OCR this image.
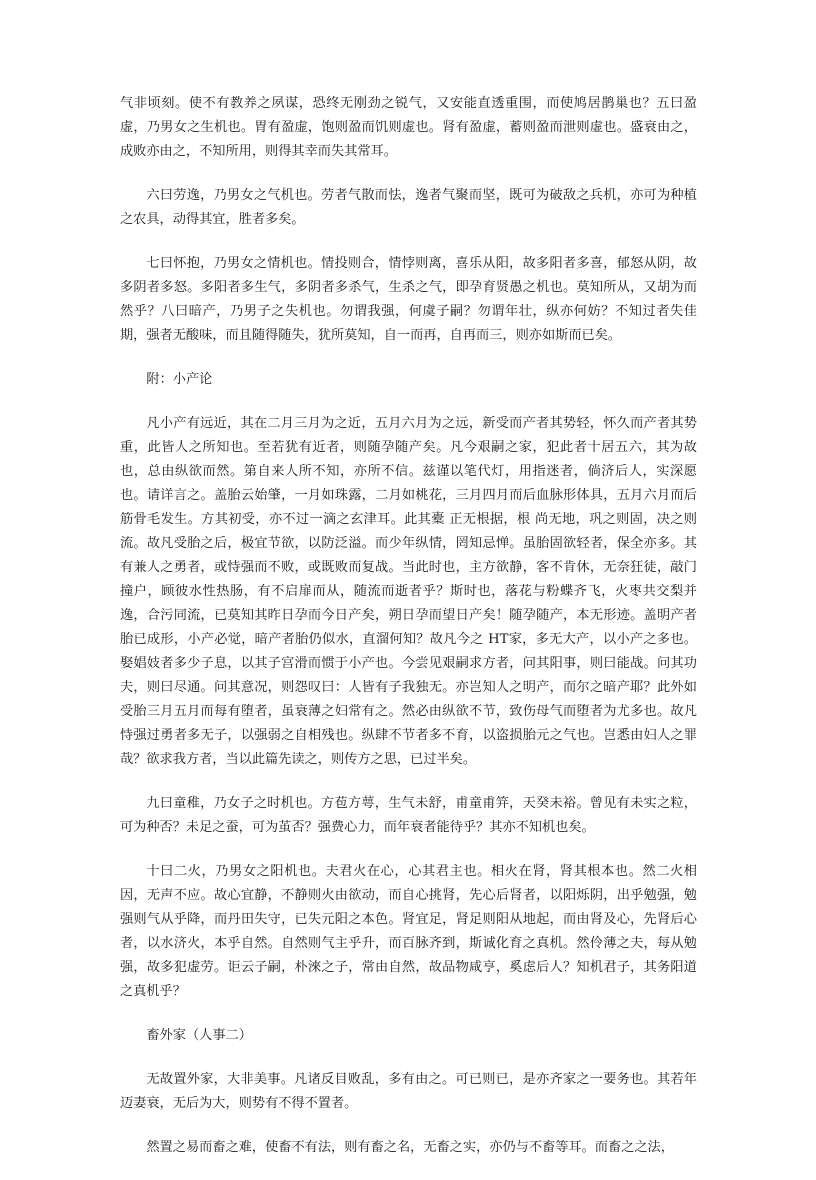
气非顷刻。使不有教养之夙谋，恐终无刚劲之锐气，又安能直透重围，而使鸠居鹊巢也？五曰盈虚，乃男女之生机也。胃有盈虚，饱则盈而饥则虚也。肾有盈虚，蓄则盈而泄则虚也。盛衰由之，成败亦由之，不知所用，则得其幸而失其常耳。

六曰劳逸，乃男女之气机也。劳者气散而怯，逸者气聚而坚，既可为破敌之兵机，亦可为种植之农具，动得其宜，胜者多矣。

七曰怀抱，乃男女之情机也。情投则合，情悖则离，喜乐从阳，故多阳者多喜，郁怒从阴，故多阴者多怒。多阳者多生气，多阴者多杀气，生杀之气，即孕育贤愚之机也。莫知所从，又胡为而然乎？八曰暗产，乃男子之失机也。勿谓我强，何虞子嗣？勿谓年壮，纵亦何妨？不知过者失佳期，强者无酸味，而且随得随失，犹所莫知，自一而再，自再而三，则亦如斯而已矣。

附：小产论

凡小产有远近，其在二月三月为之近，五月六月为之远，新受而产者其势轻，怀久而产者其势重，此皆人之所知也。至若犹有近者，则随孕随产矣。凡今艰嗣之家，犯此者十居五六，其为故也，总由纵欲而然。第自来人所不知，亦所不信。兹谨以笔代灯，用指迷者，倘济后人，实深愿也。请详言之。盖胎云始肇，一月如珠露，二月如桃花，三月四月而后血脉形体具，五月六月而后筋骨毛发生。方其初受，亦不过一滴之玄津耳。此其橐 正无根据，根 尚无地，巩之则固，决之则流。故凡受胎之后，极宜节欲，以防泛溢。而少年纵情，罔知忌惮。虽胎固欲轻者，保全亦多。其有兼人之勇者，或恃强而不败，或既败而复战。当此时也，主方欲静，客不肯休，无奈狂徒，敲门撞户，顾彼水性热肠，有不启扉而从，随流而逝者乎？斯时也，落花与粉蝶齐飞，火枣共交梨并逸，合污同流，已莫知其昨日孕而今日产矣，朔日孕而望日产矣！随孕随产，本无形迹。盖明产者胎已成形，小产必觉，暗产者胎仍似水，直溜何知？故凡今之 HT家，多无大产，以小产之多也。娶娼妓者多少子息，以其子宫滑而惯于小产也。今尝见艰嗣求方者，问其阳事，则曰能战。问其功夫，则曰尽通。问其意况，则怨叹曰：人皆有子我独无。亦岂知人之明产，而尔之暗产耶？此外如受胎三月五月而每有堕者，虽衰薄之妇常有之。然必由纵欲不节，致伤母气而堕者为尤多也。故凡恃强过勇者多无子，以强弱之自相残也。纵肆不节者多不育，以盗损胎元之气也。岂悉由妇人之罪哉？欲求我方者，当以此篇先读之，则传方之思，已过半矣。

九曰童稚，乃女子之时机也。方苞方萼，生气未舒，甫童甫笄，天癸未裕。曾见有未实之粒，可为种否？未足之蚕，可为茧否？强费心力，而年衰者能待乎？其亦不知机也矣。

十曰二火，乃男女之阳机也。夫君火在心，心其君主也。相火在肾，肾其根本也。然二火相因，无声不应。故心宜静，不静则火由欲动，而自心挑肾，先心后肾者，以阳烁阴，出乎勉强，勉强则气从乎降，而丹田失守，已失元阳之本色。肾宜足，肾足则阳从地起，而由肾及心，先肾后心者，以水济火，本乎自然。自然则气主乎升，而百脉齐到，斯诚化育之真机。然伶薄之夫，每从勉强，故多犯虚劳。讵云子嗣，朴淶之子，常由自然，故品物咸亨，奚虑后人？知机君子，其务阳道之真机乎？

畜外家（人事二）

无故置外家，大非美事。凡诸反目败乱，多有由之。可已则已，是亦齐家之一要务也。其若年迈妻衰，无后为大，则势有不得不置者。

然置之易而畜之难，使畜不有法，则有畜之名，无畜之实，亦仍与不畜等耳。而畜之之法，
